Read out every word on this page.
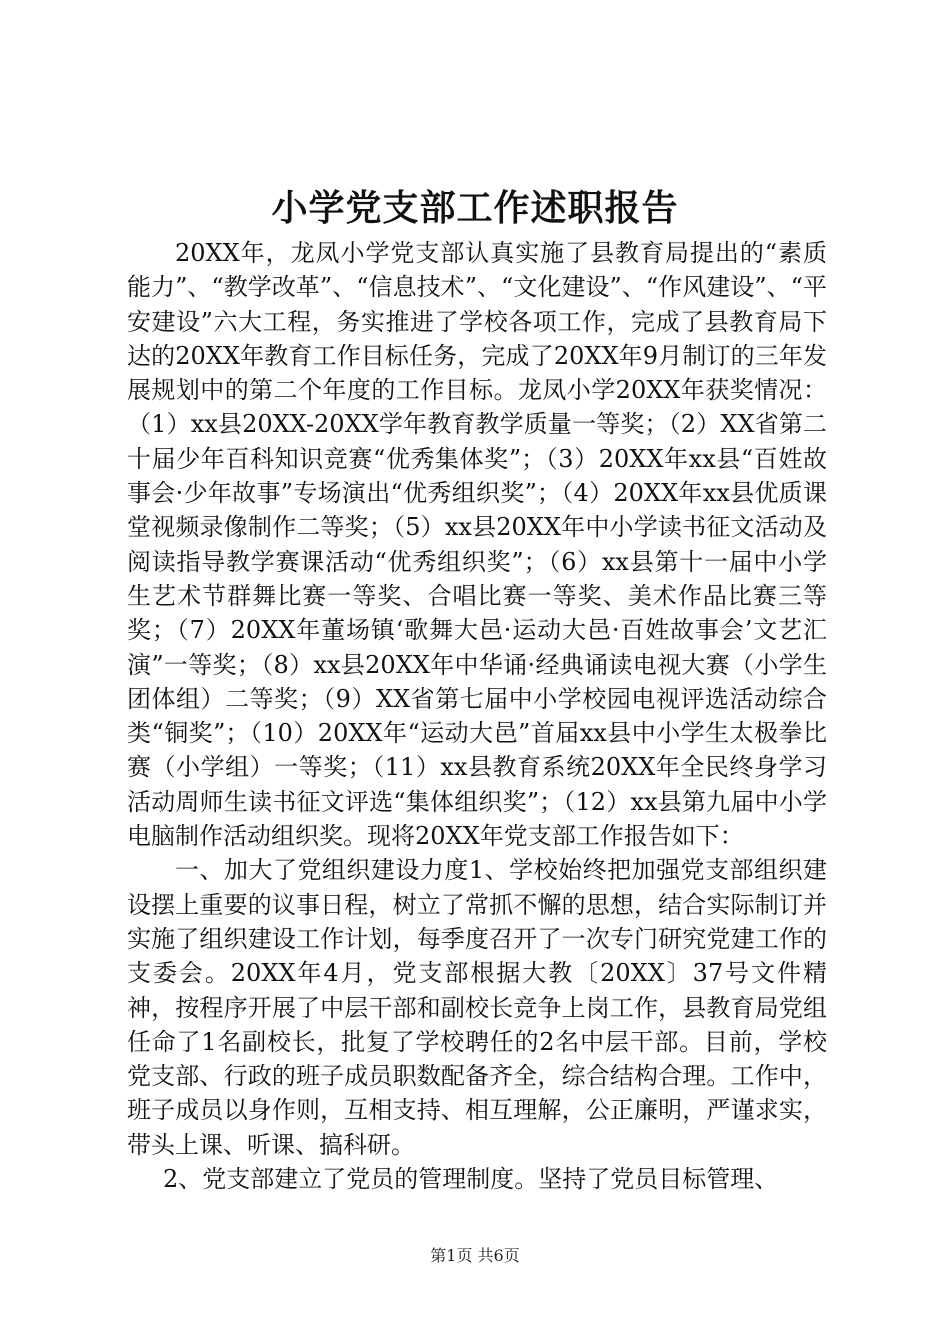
小学党支部工作述职报告

20XX年，龙凤小学党支部认真实施了县教育局提出的“素质能力”、“教学改革”、“信息技术”、“文化建设”、“作风建设”、“平安建设”六大工程，务实推进了学校各项工作，完成了县教育局下达的20XX年教育工作目标任务，完成了20XX年9月制订的三年发展规划中的第二个年度的工作目标。龙凤小学20XX年获奖情况：（1）xx县20XX-20XX学年教育教学质量一等奖；（2）XX省第二十届少年百科知识竞赛“优秀集体奖”；（3）20XX年xx县“百姓故事会·少年故事”专场演出“优秀组织奖”；（4）20XX年xx县优质课堂视频录像制作二等奖；（5）xx县20XX年中小学读书征文活动及阅读指导教学赛课活动“优秀组织奖”；（6）xx县第十一届中小学生艺术节群舞比赛一等奖、合唱比赛一等奖、美术作品比赛三等奖；（7）20XX年董场镇‘歌舞大邑·运动大邑·百姓故事会’文艺汇演”一等奖；（8）xx县20XX年中华诵·经典诵读电视大赛（小学生团体组）二等奖；（9）XX省第七届中小学校园电视评选活动综合类“铜奖”；（10）20XX年“运动大邑”首届xx县中小学生太极拳比赛（小学组）一等奖；（11）xx县教育系统20XX年全民终身学习活动周师生读书征文评选“集体组织奖”；（12）xx县第九届中小学电脑制作活动组织奖。现将20XX年党支部工作报告如下：

一、加大了党组织建设力度1、学校始终把加强党支部组织建设摆上重要的议事日程，树立了常抓不懈的思想，结合实际制订并实施了组织建设工作计划，每季度召开了一次专门研究党建工作的支委会。20XX年4月，党支部根据大教〔20XX〕37号文件精神，按程序开展了中层干部和副校长竞争上岗工作，县教育局党组任命了1名副校长，批复了学校聘任的2名中层干部。目前，学校党支部、行政的班子成员职数配备齐全，综合结构合理。工作中，班子成员以身作则，互相支持、相互理解，公正廉明，严谨求实，带头上课、听课、搞科研。

2、党支部建立了党员的管理制度。坚持了党员目标管理、

第1页 共6页
